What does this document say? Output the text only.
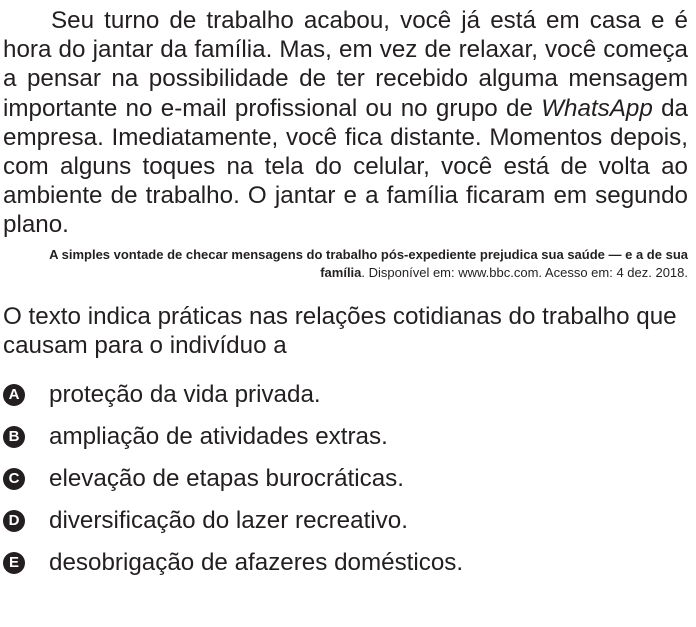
Seu turno de trabalho acabou, você já está em casa e é hora do jantar da família. Mas, em vez de relaxar, você começa a pensar na possibilidade de ter recebido alguma mensagem importante no e-mail profissional ou no grupo de WhatsApp da empresa. Imediatamente, você fica distante. Momentos depois, com alguns toques na tela do celular, você está de volta ao ambiente de trabalho. O jantar e a família ficaram em segundo plano.

A simples vontade de checar mensagens do trabalho pós-expediente prejudica sua saúde — e a de sua família. Disponível em: www.bbc.com. Acesso em: 4 dez. 2018.

O texto indica práticas nas relações cotidianas do trabalho que causam para o indivíduo a

A proteção da vida privada.
B ampliação de atividades extras.
C elevação de etapas burocráticas.
D diversificação do lazer recreativo.
E desobrigação de afazeres domésticos.
